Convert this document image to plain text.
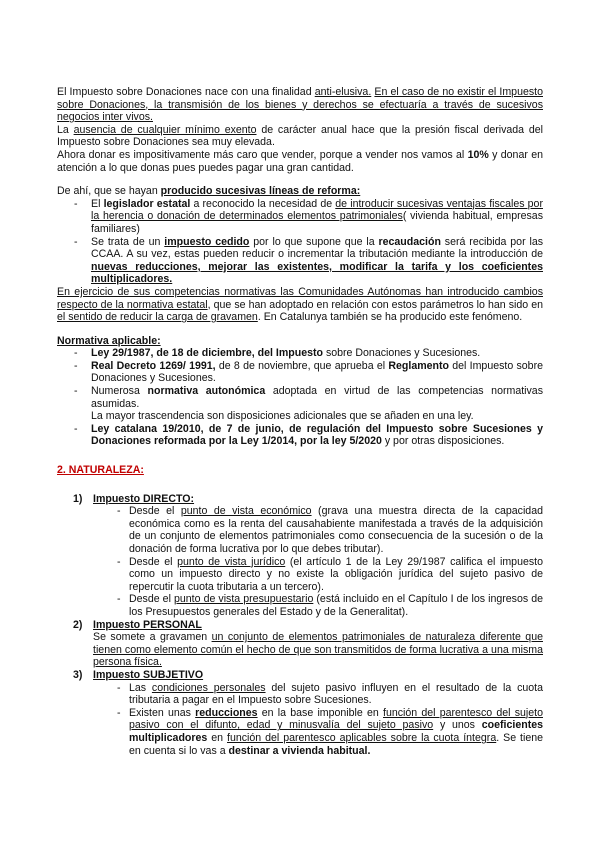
El Impuesto sobre Donaciones nace con una finalidad anti-elusiva. En el caso de no existir el Impuesto sobre Donaciones, la transmisión de los bienes y derechos se efectuaría a través de sucesivos negocios inter vivos.

La ausencia de cualquier mínimo exento de carácter anual hace que la presión fiscal derivada del Impuesto sobre Donaciones sea muy elevada.

Ahora donar es impositivamente más caro que vender, porque a vender nos vamos al 10% y donar en atención a lo que donas pues puedes pagar una gran cantidad.

De ahí, que se hayan producido sucesivas líneas de reforma:

-	El legislador estatal a reconocido la necesidad de de introducir sucesivas ventajas fiscales por la herencia o donación de determinados elementos patrimoniales( vivienda habitual, empresas familiares)
-	Se trata de un impuesto cedido por lo que supone que la recaudación será recibida por las CCAA. A su vez, estas pueden reducir o incrementar la tributación mediante la introducción de nuevas reducciones, mejorar las existentes, modificar la tarifa y los coeficientes multiplicadores.

En ejercicio de sus competencias normativas las Comunidades Autónomas han introducido cambios respecto de la normativa estatal, que se han adoptado en relación con estos parámetros lo han sido en el sentido de reducir la carga de gravamen. En Catalunya también se ha producido este fenómeno.

Normativa aplicable:

-	Ley 29/1987, de 18 de diciembre, del Impuesto sobre Donaciones y Sucesiones.
-	Real Decreto 1269/ 1991, de 8 de noviembre, que aprueba el Reglamento del Impuesto sobre Donaciones y Sucesiones.
-	Numerosa normativa autonómica adoptada en virtud de las competencias normativas asumidas.

La mayor trascendencia son disposiciones adicionales que se añaden en una ley.

-	Ley catalana 19/2010, de 7 de junio, de regulación del Impuesto sobre Sucesiones y Donaciones reformada por la Ley 1/2014, por la ley 5/2020 y por otras disposiciones.

2. NATURALEZA:

1) Impuesto DIRECTO:
- Desde el punto de vista económico (grava una muestra directa de la capacidad económica como es la renta del causahabiente manifestada a través de la adquisición de un conjunto de elementos patrimoniales como consecuencia de la sucesión o de la donación de forma lucrativa por lo que debes tributar).
- Desde el punto de vista jurídico (el artículo 1 de la Ley 29/1987 califica el impuesto como un impuesto directo y no existe la obligación jurídica del sujeto pasivo de repercutir la cuota tributaria a un tercero).
- Desde el punto de vista presupuestario (está incluido en el Capítulo I de los ingresos de los Presupuestos generales del Estado y de la Generalitat).
2) Impuesto PERSONAL

Se somete a gravamen un conjunto de elementos patrimoniales de naturaleza diferente que tienen como elemento común el hecho de que son transmitidos de forma lucrativa a una misma persona física.

3) Impuesto SUBJETIVO
- Las condiciones personales del sujeto pasivo influyen en el resultado de la cuota tributaria a pagar en el Impuesto sobre Sucesiones.
- Existen unas reducciones en la base imponible en función del parentesco del sujeto pasivo con el difunto, edad y minusvalía del sujeto pasivo y unos coeficientes multiplicadores en función del parentesco aplicables sobre la cuota íntegra. Se tiene en cuenta si lo vas a destinar a vivienda habitual.
